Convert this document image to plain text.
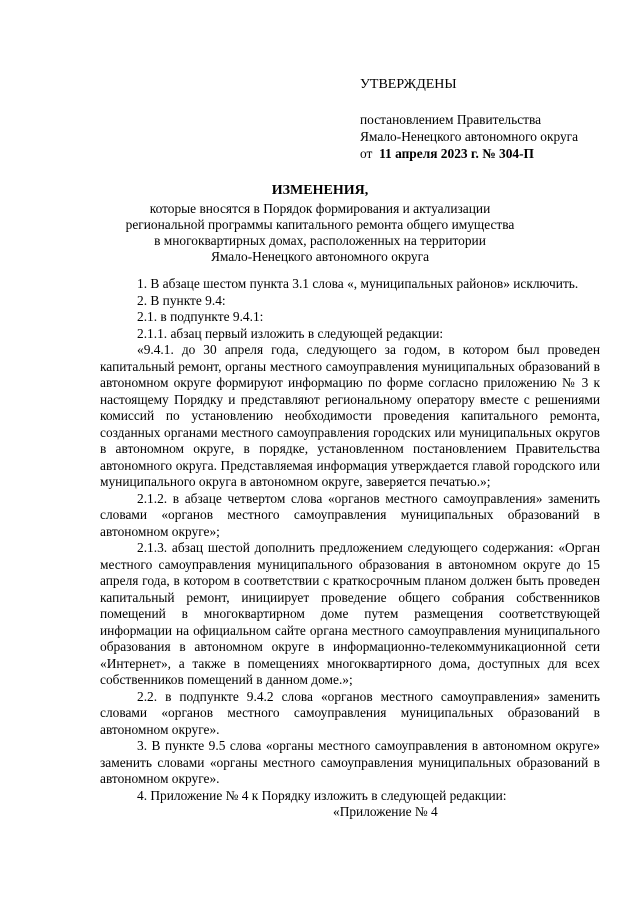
УТВЕРЖДЕНЫ
постановлением Правительства
Ямало-Ненецкого автономного округа
от  11 апреля 2023 г. № 304-П
ИЗМЕНЕНИЯ,
которые вносятся в Порядок формирования и актуализации
региональной программы капитального ремонта общего имущества
в многоквартирных домах, расположенных на территории
Ямало-Ненецкого автономного округа

1. В абзаце шестом пункта 3.1 слова «, муниципальных районов» исключить.

2. В пункте 9.4:

2.1. в подпункте 9.4.1:

2.1.1. абзац первый изложить в следующей редакции:

«9.4.1. до 30 апреля года, следующего за годом, в котором был проведен капитальный ремонт, органы местного самоуправления муниципальных образований в автономном округе формируют информацию по форме согласно приложению № 3 к настоящему Порядку и представляют региональному оператору вместе с решениями комиссий по установлению необходимости проведения капитального ремонта, созданных органами местного самоуправления городских или муниципальных округов в автономном округе, в порядке, установленном постановлением Правительства автономного округа. Представляемая информация утверждается главой городского или муниципального округа в автономном округе, заверяется печатью.»;

2.1.2. в абзаце четвертом слова «органов местного самоуправления» заменить словами «органов местного самоуправления муниципальных образований в автономном округе»;

2.1.3. абзац шестой дополнить предложением следующего содержания: «Орган местного самоуправления муниципального образования в автономном округе до 15 апреля года, в котором в соответствии с краткосрочным планом должен быть проведен капитальный ремонт, инициирует проведение общего собрания собственников помещений в многоквартирном доме путем размещения соответствующей информации на официальном сайте органа местного самоуправления муниципального образования в автономном округе в информационно-телекоммуникационной сети «Интернет», а также в помещениях многоквартирного дома, доступных для всех собственников помещений в данном доме.»;

2.2. в подпункте 9.4.2 слова «органов местного самоуправления» заменить словами «органов местного самоуправления муниципальных образований в автономном округе».

3. В пункте 9.5 слова «органы местного самоуправления в автономном округе» заменить словами «органы местного самоуправления муниципальных образований в автономном округе».

4. Приложение № 4 к Порядку изложить в следующей редакции:

«Приложение № 4
